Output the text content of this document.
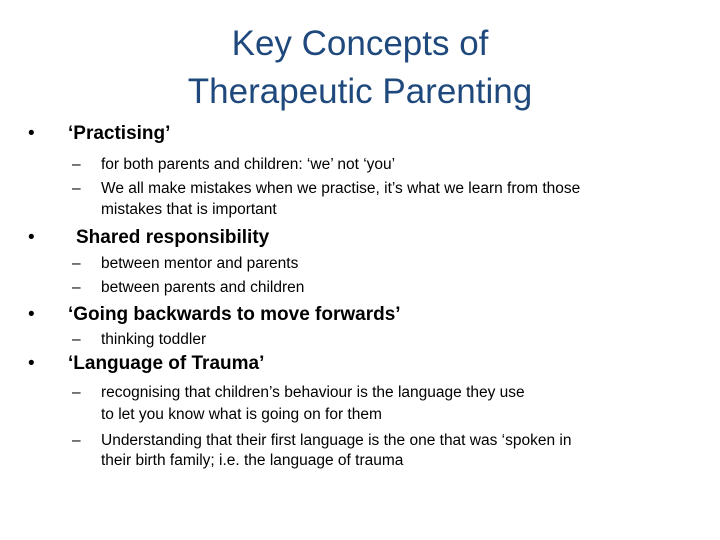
Key Concepts of
Therapeutic Parenting
• ‘Practising’
– for both parents and children: ‘we’ not ‘you’
– We all make mistakes when we practise, it’s what we learn from those
mistakes that is important
• Shared responsibility
– between mentor and parents
– between parents and children
• ‘Going backwards to move forwards’
– thinking toddler
• ‘Language of Trauma’
– recognising that children’s behaviour is the language they use
to let you know what is going on for them
– Understanding that their first language is the one that was ‘spoken in
their birth family; i.e. the language of trauma
